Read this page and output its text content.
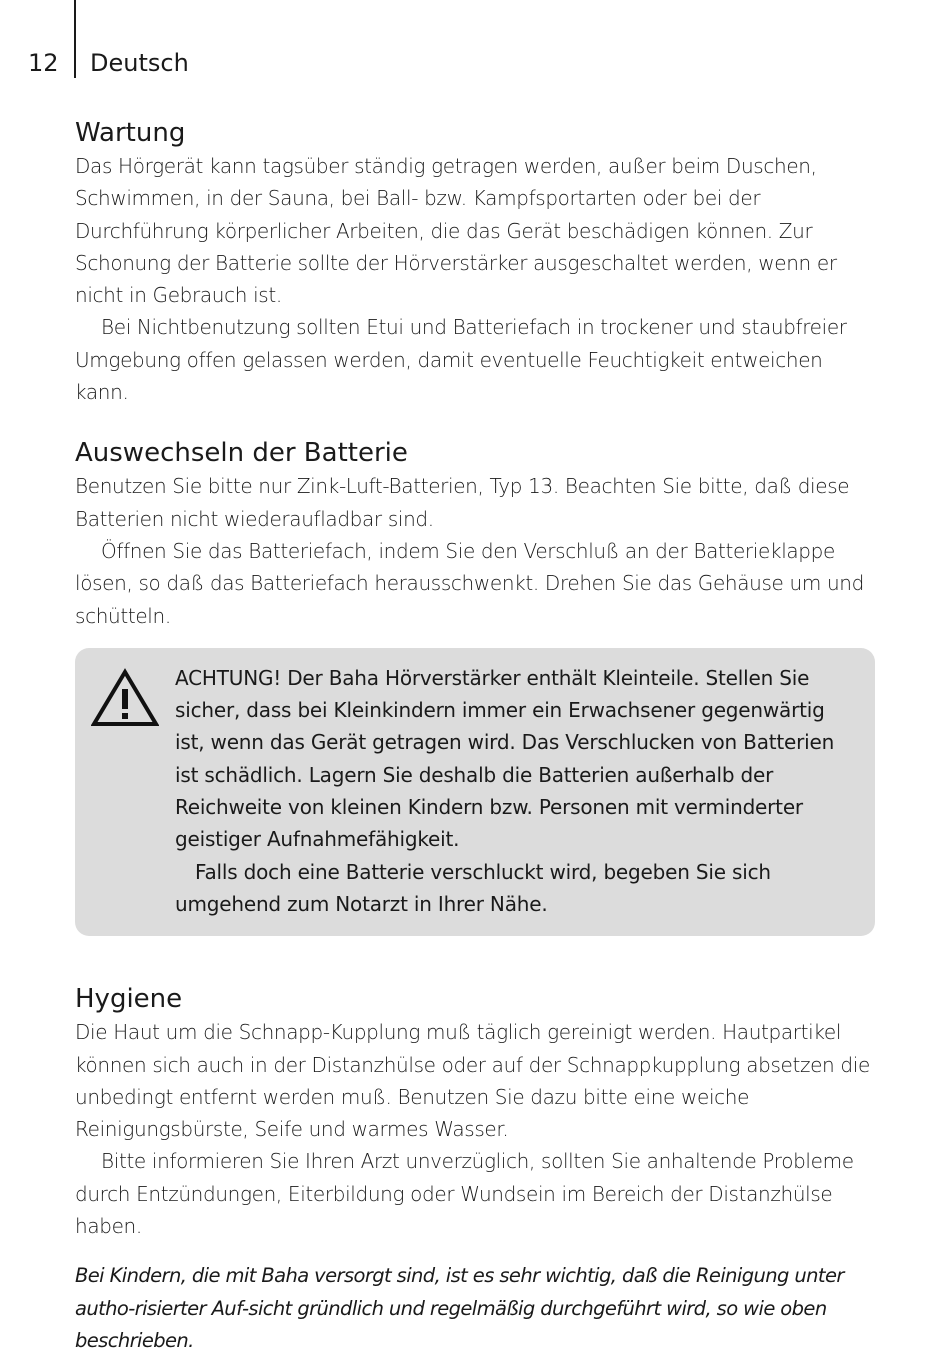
12 Deutsch
Wartung

Das Hörgerät kann tagsüber ständig getragen werden, außer beim Duschen, Schwimmen, in der Sauna, bei Ball- bzw. Kampfsportarten oder bei der Durchführung körperlicher Arbeiten, die das Gerät beschädigen können. Zur Schonung der Batterie sollte der Hörverstärker ausgeschaltet werden, wenn er nicht in Gebrauch ist.

Bei Nichtbenutzung sollten Etui und Batteriefach in trockener und staubfreier Umgebung offen gelassen werden, damit eventuelle Feuchtigkeit entweichen kann.

Auswechseln der Batterie

Benutzen Sie bitte nur Zink-Luft-Batterien, Typ 13. Beachten Sie bitte, daß diese Batterien nicht wiederaufladbar sind.

Öffnen Sie das Batteriefach, indem Sie den Verschluß an der Batterieklappe lösen, so daß das Batteriefach herausschwenkt. Drehen Sie das Gehäuse um und schütteln.

ACHTUNG! Der Baha Hörverstärker enthält Kleinteile. Stellen Sie sicher, dass bei Kleinkindern immer ein Erwachsener gegenwärtig ist, wenn das Gerät getragen wird. Das Verschlucken von Batterien ist schädlich. Lagern Sie deshalb die Batterien außerhalb der Reichweite von kleinen Kindern bzw. Personen mit verminderter geistiger Aufnahmefähigkeit.

Falls doch eine Batterie verschluckt wird, begeben Sie sich umgehend zum Notarzt in Ihrer Nähe.

Hygiene

Die Haut um die Schnapp-Kupplung muß täglich gereinigt werden. Hautpartikel können sich auch in der Distanzhülse oder auf der Schnappkupplung absetzen die unbedingt entfernt werden muß. Benutzen Sie dazu bitte eine weiche Reinigungsbürste, Seife und warmes Wasser.

Bitte informieren Sie Ihren Arzt unverzüglich, sollten Sie anhaltende Probleme durch Entzündungen, Eiterbildung oder Wundsein im Bereich der Distanzhülse haben.

Bei Kindern, die mit Baha versorgt sind, ist es sehr wichtig, daß die Reinigung unter autho-risierter Auf-sicht gründlich und regelmäßig durchgeführt wird, so wie oben beschrieben.
